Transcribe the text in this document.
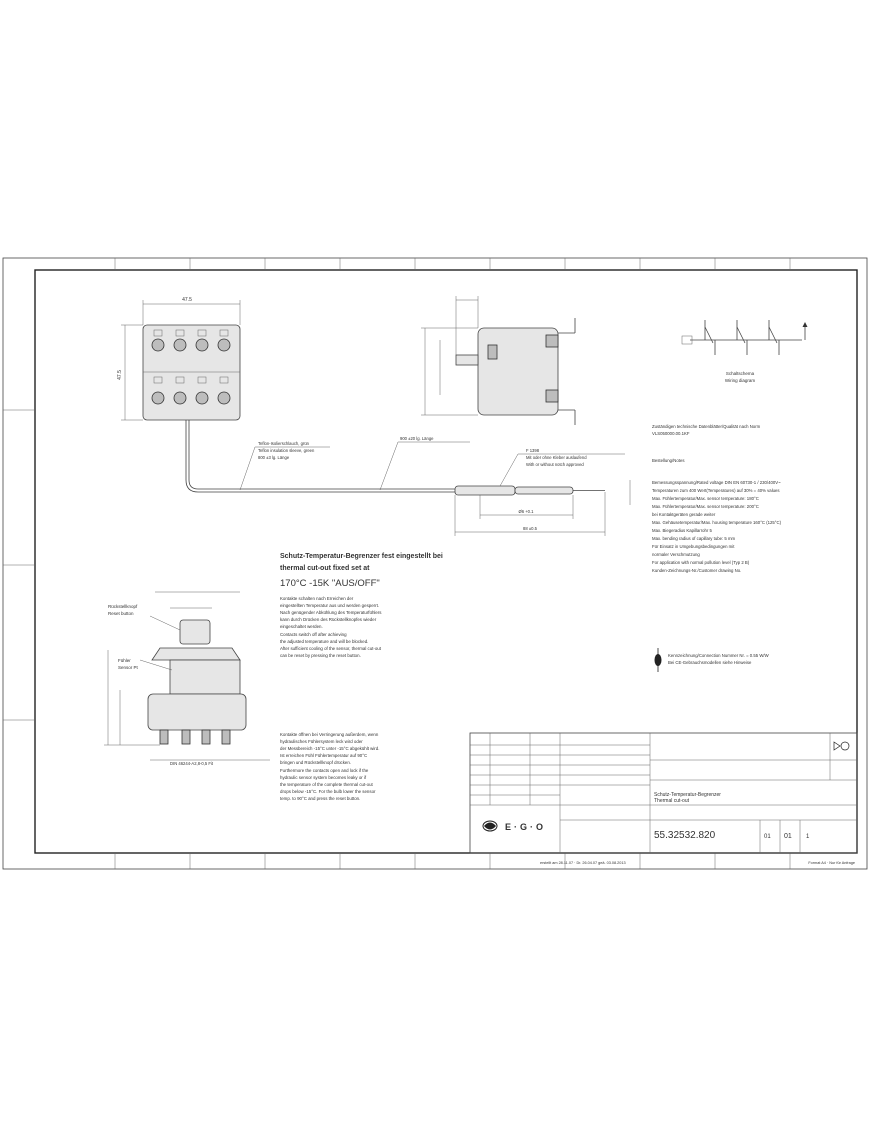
47.5
47.5
Teflon-Isolierschlauch, grün
Teflon insulation sleeve, green
800 ±3 lg. Länge
900 ±20 lg. Länge
Ø6 +0.1
88 ±0.5
F 1398
Mit oder ohne Kleber auslaufend
With or without notch approved
Schaltschema
Wiring diagram
DIN 46244-A2,8-0,5 Fit
Rückstellknopf
Reset button
Fühler
Sensor Pt
Schutz-Temperatur-Begrenzer fest eingestellt bei
thermal cut-out fixed set at
170°C -15K "AUS/OFF"
Kontakte schalten nach Erreichen der
eingestellten Temperatur aus und werden gesperrt.
Nach genügender Abkühlung des Temperaturfühlers
kann durch Drücken des Rückstellknopfes wieder
eingeschaltet werden.
Contacts switch off after achieving
the adjusted temperature and will be blocked.
After sufficient cooling of the sensor, thermal cut-out
can be reset by pressing the reset button.
Kontakte öffnen bei Verringerung außerdem, wenn
hydraulisches Fühlersystem leck wird oder
der Messbereich -15°C unter -15°C abgekühlt wird.
Ist erreichen Fühl Fühlertemperatur auf 90°C
bringen und Rückstellknopf drücken.
Furthermore the contacts open and lock if the
hydraulic sensor system becomes leaky or if
the temperature of the complete thermal cut-out
drops below -15°C. For the bulb lower the sensor
temp. to 90°C and press the reset button.
Zuständigen technische Datenblätter/Qualität nach Norm
VLS050000.00.1KF
Bestellung/Notes
Bemessungsspannung/Rated voltage DIN EN 60730-1 / 230/400V~
Temperaturen zum 400 Wert(Temperatures) auf 30% = 40% values
Max. Fühlertemperatur/Max. sensor temperature: 180°C
Max. Fühlertemperatur/Max. sensor temperature: 200°C
bei Kontaktgeräten gerade weiter
Max. Gehäusetemperatur/Max. housing temperature 160°C (125°C)
Max. Biegeradius Kapillarrohr 5
Max. bending radius of capillary tube: 5 mm
Für Einsatz in Umgebungsbedingungen mit
normaler Verschmutzung
For application with normal pollution level (Typ 2 B)
Kunden-Zeichnungs-Nr./Customer drawing No.
Kennzeichnung/Connection Nummer Nr. = 0.55 W/W
Bei CE-Gebrauchsmodellen siehe Hinweise
Schutz-Temperatur-Begrenzer
Thermal cut-out
E·G·O
55.32532.820	01 01 1
erstellt am 28.11.07 · Dr. 26.04.07 geä. 03.08.2013	Format A4 · Nur für Anfrage
